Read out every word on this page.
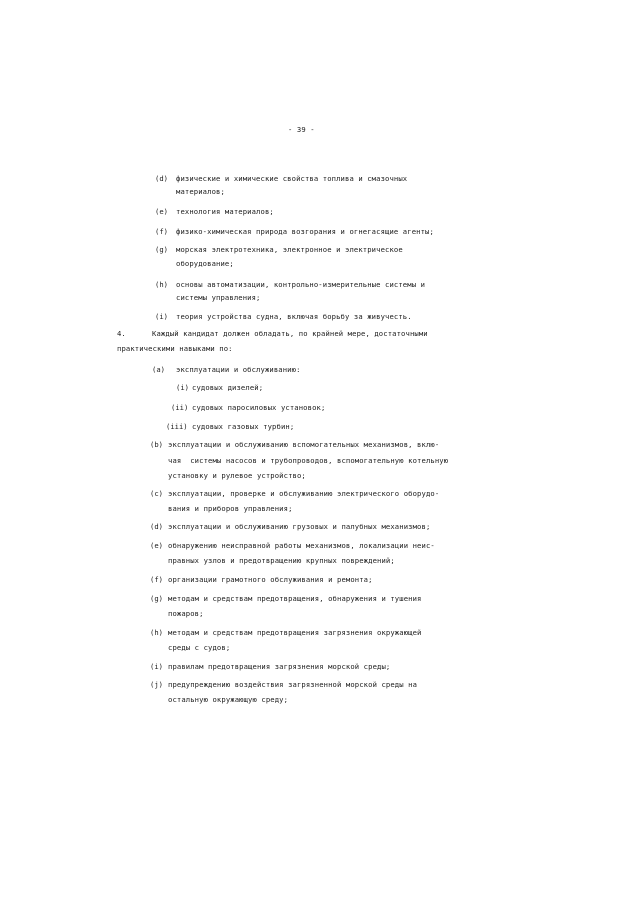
- 39 -
(d) физические и химические свойства топлива и смазочных
материалов;
(e) технология материалов;
(f) физико-химическая природа возгорания и огнегасящие агенты;
(g) морская электротехника, электронное и электрическое
оборудование;
(h) основы автоматизации, контрольно-измерительные системы и
системы управления;
(i) теория устройства судна, включая борьбу за живучесть.
4.	Каждый кандидат должен обладать, по крайней мере, достаточными
практическими навыками по:
(a) эксплуатации и обслуживанию:
(i) судовых дизелей;
(ii) судовых паросиловых установок;
(iii) судовых газовых турбин;
(b) эксплуатации и обслуживанию вспомогательных механизмов, вклю-
чая  системы насосов и трубопроводов, вспомогательную котельную
установку и рулевое устройство;
(c) эксплуатации, проверке и обслуживанию электрического оборудо-
вания и приборов управления;
(d) эксплуатации и обслуживанию грузовых и палубных механизмов;
(e) обнаружению неисправной работы механизмов, локализации неис-
правных узлов и предотвращению крупных повреждений;
(f) организации грамотного обслуживания и ремонта;
(g) методам и средствам предотвращения, обнаружения и тушения
пожаров;
(h) методам и средствам предотвращения загрязнения окружающей
среды с судов;
(i) правилам предотвращения загрязнения морской среды;
(j) предупреждению воздействия загрязненной морской среды на
остальную окружающую среду;
